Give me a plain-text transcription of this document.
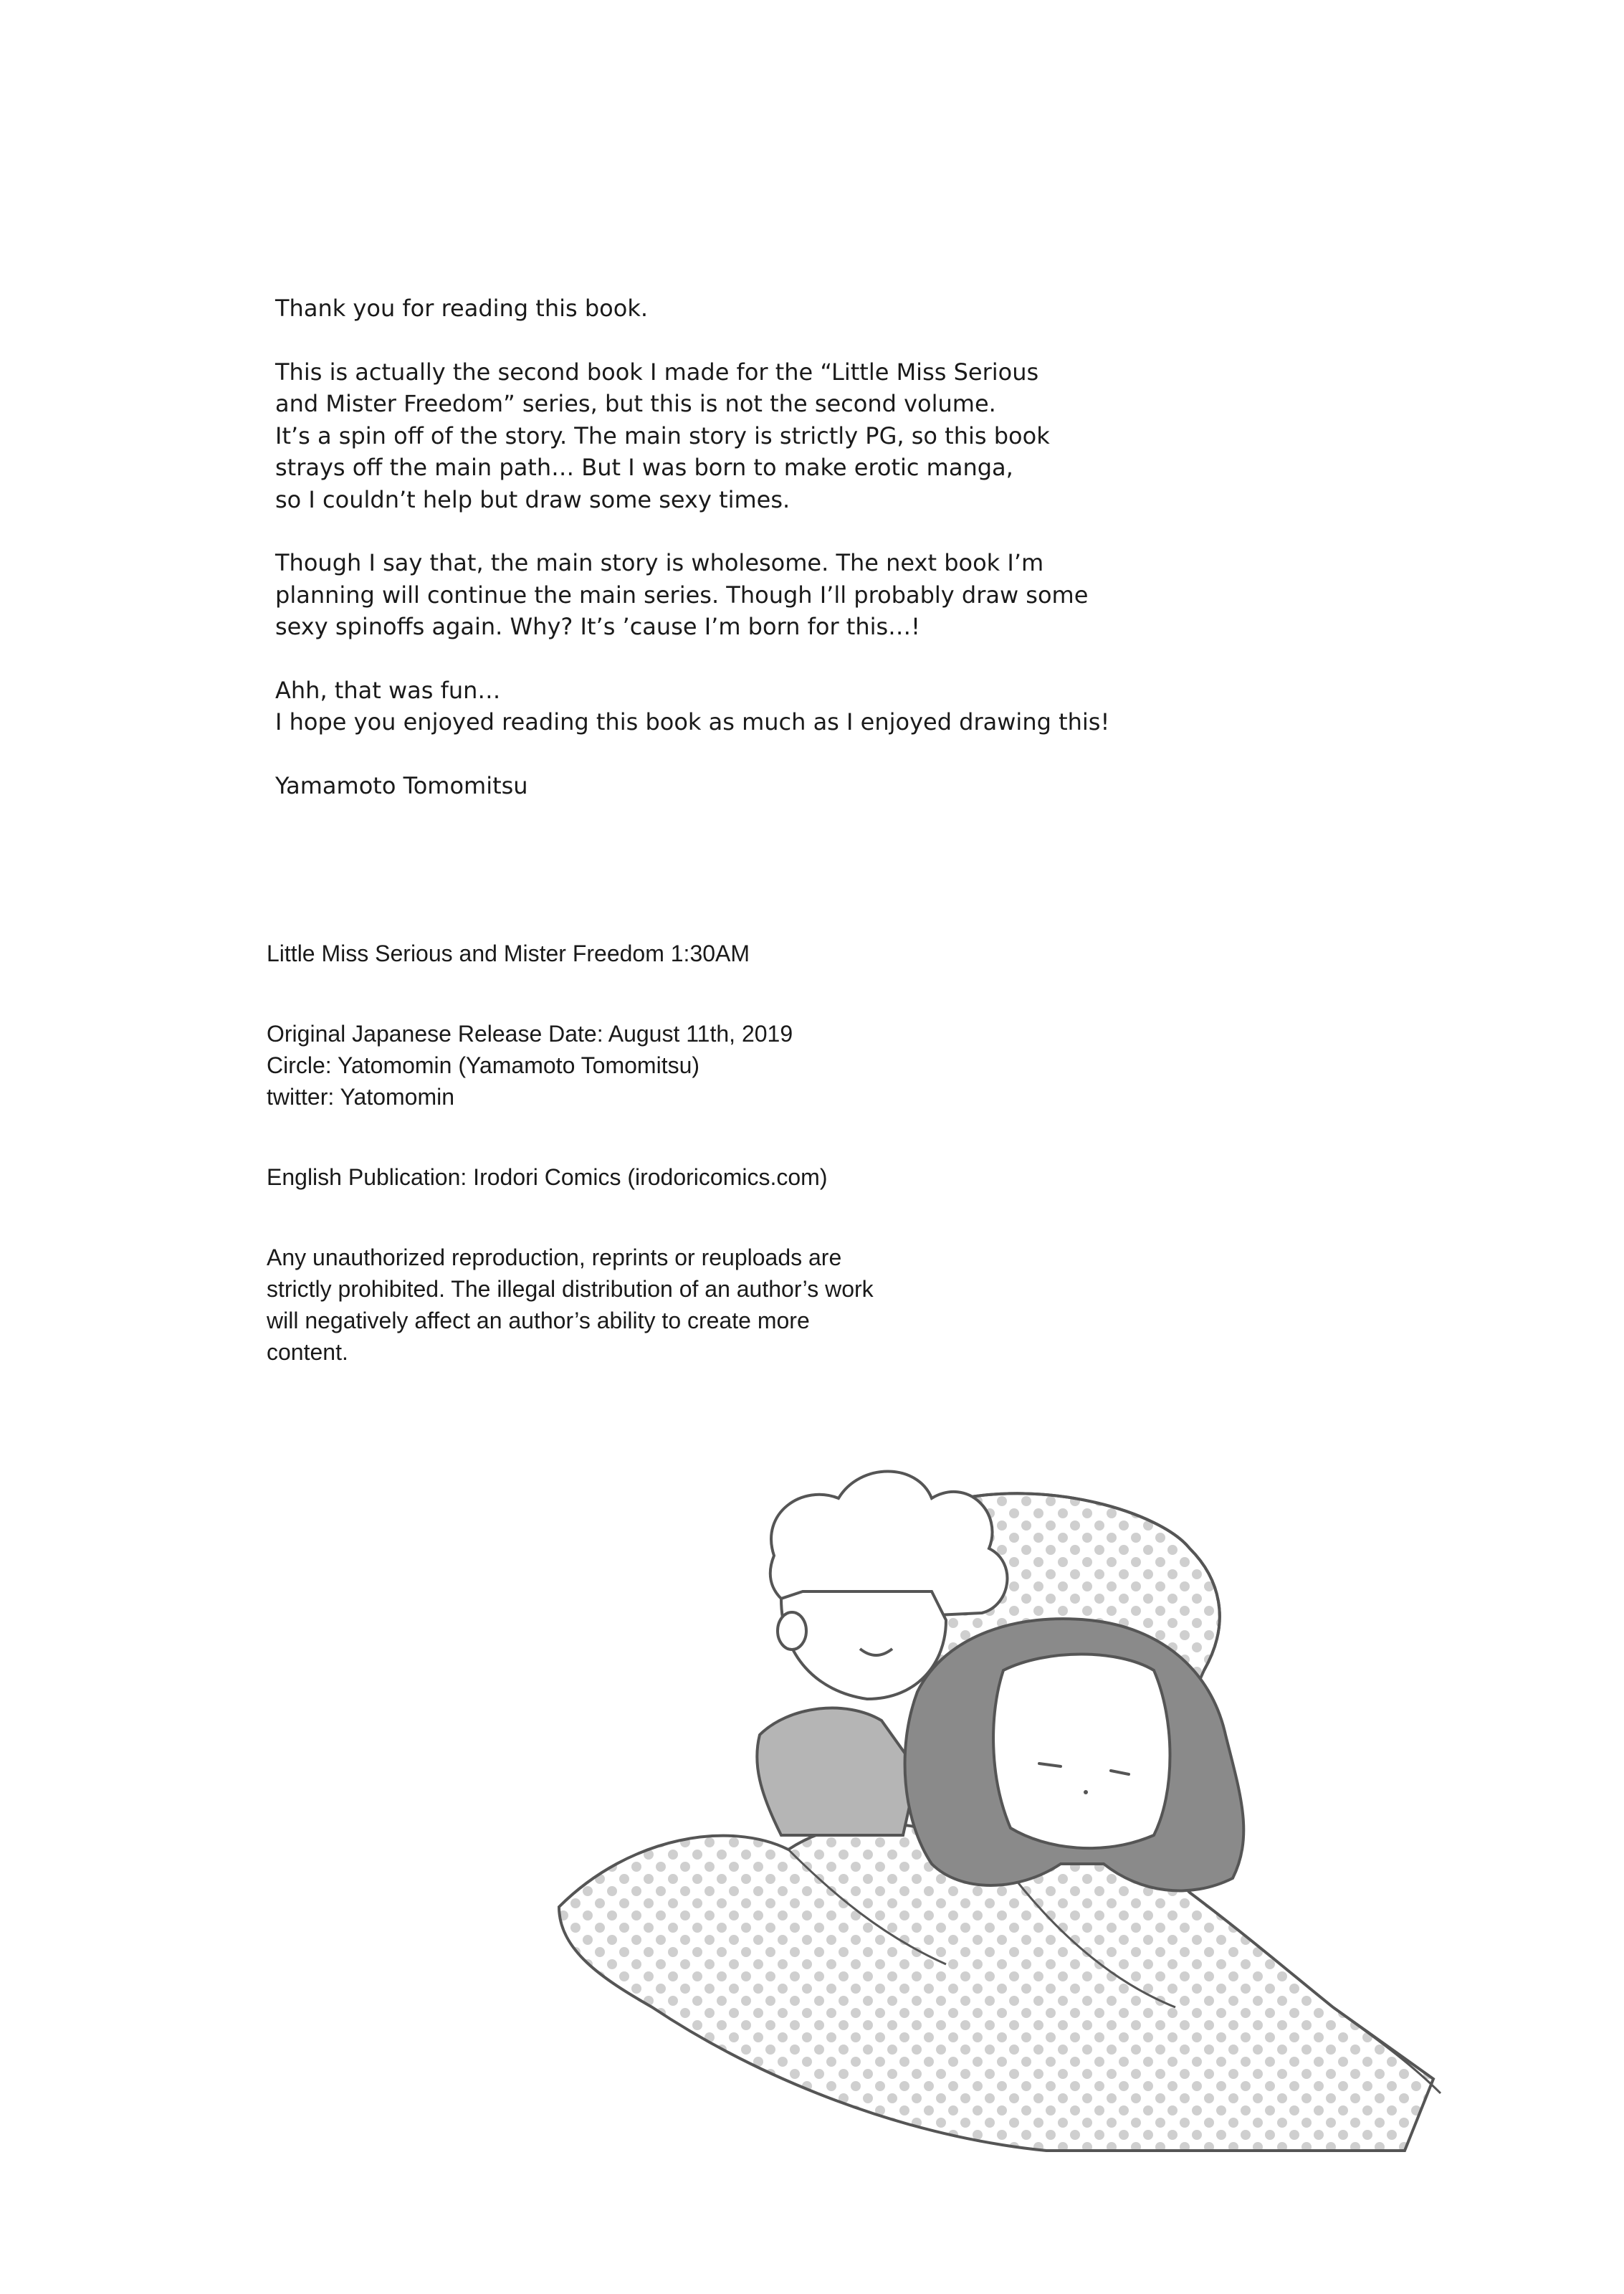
Thank you for reading this book.

This is actually the second book I made for the “Little Miss Serious
and Mister Freedom” series, but this is not the second volume.
It’s a spin off of the story. The main story is strictly PG, so this book
strays off the main path… But I was born to make erotic manga,
so I couldn’t help but draw some sexy times.

Though I say that, the main story is wholesome. The next book I’m
planning will continue the main series. Though I’ll probably draw some
sexy spinoffs again. Why? It’s ’cause I’m born for this…!

Ahh, that was fun…
I hope you enjoyed reading this book as much as I enjoyed drawing this!

Yamamoto Tomomitsu

Little Miss Serious and Mister Freedom 1:30AM
Original Japanese Release Date: August 11th, 2019
Circle: Yatomomin (Yamamoto Tomomitsu)
twitter: Yatomomin
English Publication: Irodori Comics (irodoricomics.com)
Any unauthorized reproduction, reprints or reuploads are
strictly prohibited. The illegal distribution of an author’s work
will negatively affect an author’s ability to create more
content.
